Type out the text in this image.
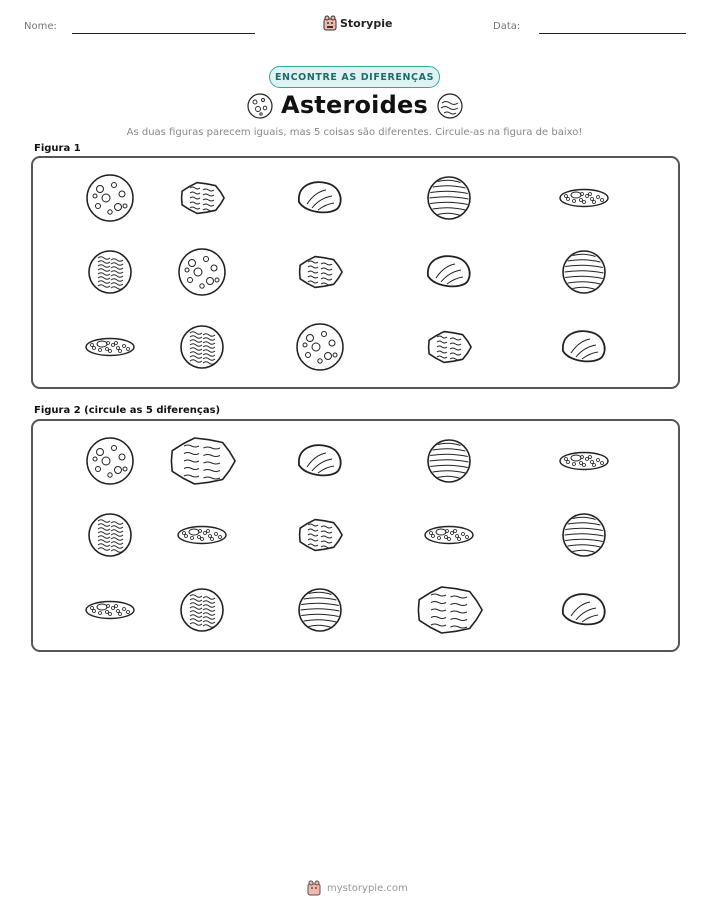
Nome:	Storypie	Data:
ENCONTRE AS DIFERENÇAS
Asteroides
As duas figuras parecem iguais, mas 5 coisas são diferentes. Circule-as na figura de baixo!
Figura 1
Figura 2 (circule as 5 diferenças)
mystorypie.com
